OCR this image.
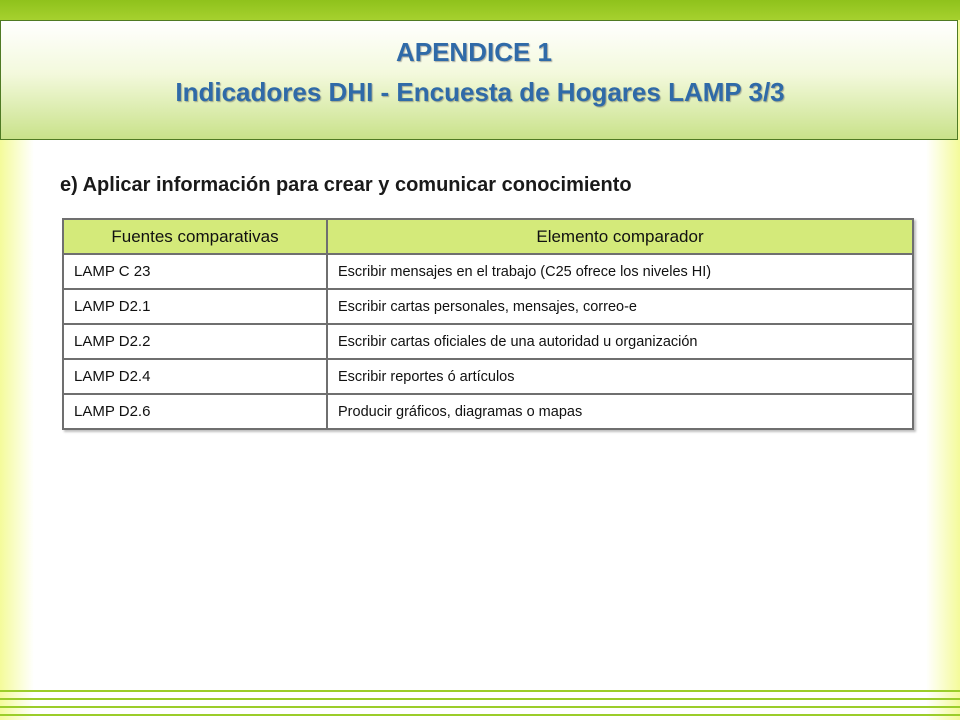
APENDICE 1
Indicadores DHI - Encuesta de Hogares LAMP 3/3
e) Aplicar información para crear y comunicar conocimiento
Fuentes comparativas	Elemento comparador
LAMP C 23	Escribir mensajes en el trabajo (C25 ofrece los niveles HI)
LAMP D2.1	Escribir cartas personales, mensajes, correo-e
LAMP D2.2	Escribir cartas oficiales de una autoridad u organización
LAMP D2.4	Escribir reportes ó artículos
LAMP D2.6	Producir gráficos, diagramas o mapas
